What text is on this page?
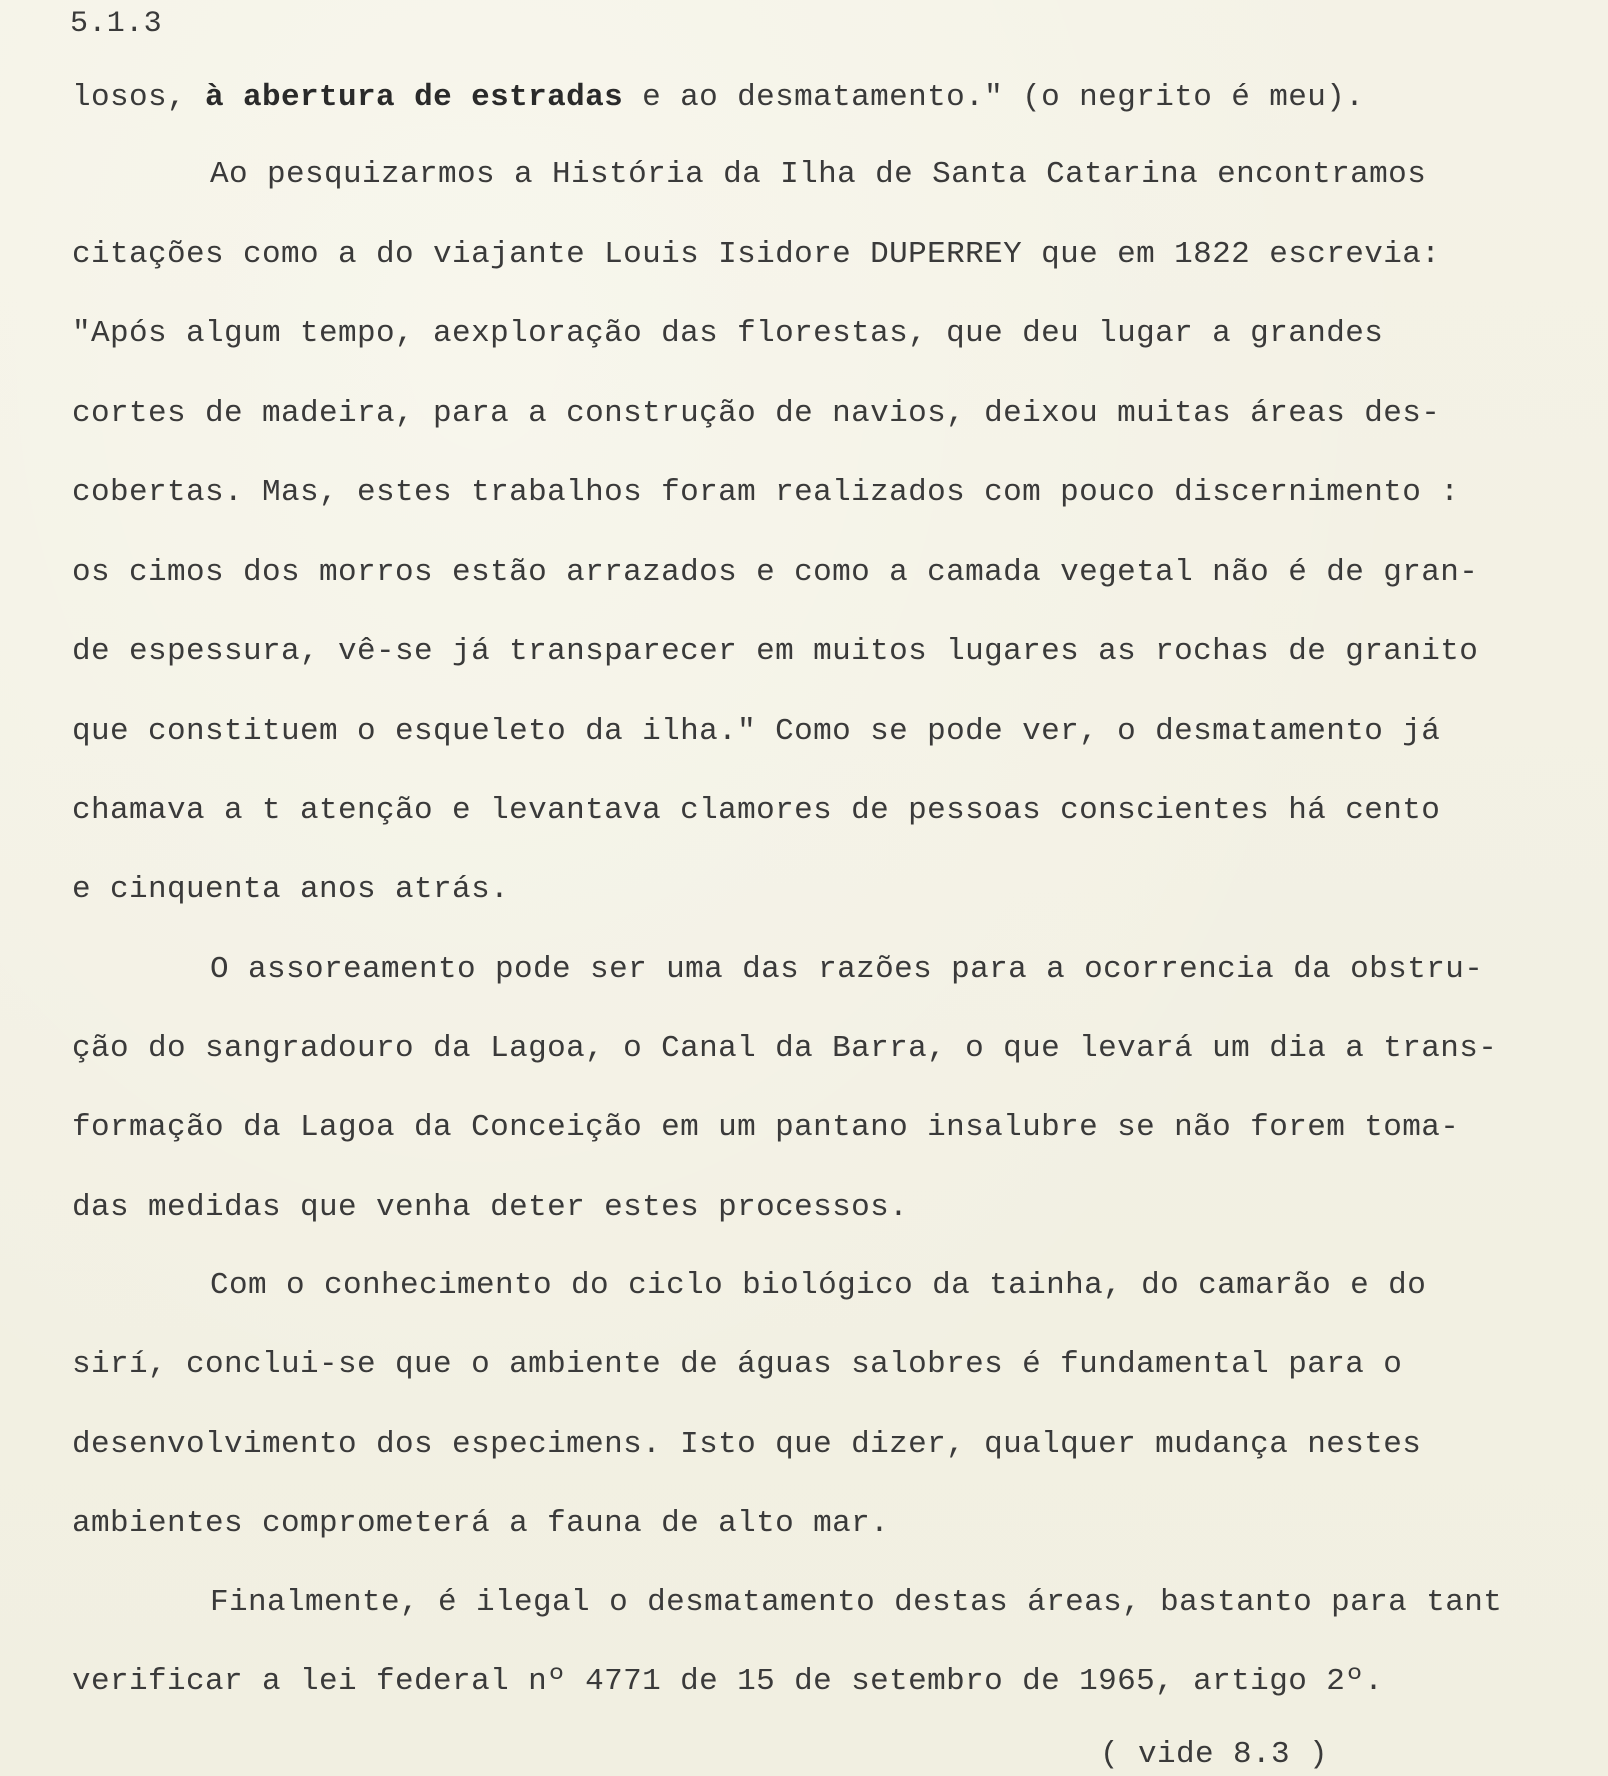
5.1.3
losos, à abertura de estradas e ao desmatamento." (o negrito é meu).
Ao pesquizarmos a História da Ilha de Santa Catarina encontramos
citações como a do viajante Louis Isidore DUPERREY que em 1822 escrevia:
"Após algum tempo, aexploração das florestas, que deu lugar a grandes
cortes de madeira, para a construção de navios, deixou muitas áreas des-
cobertas. Mas, estes trabalhos foram realizados com pouco discernimento :
os cimos dos morros estão arrazados e como a camada vegetal não é de gran-
de espessura, vê-se já transparecer em muitos lugares as rochas de granito
que constituem o esqueleto da ilha." Como se pode ver, o desmatamento já
chamava a t atenção e levantava clamores de pessoas conscientes há cento
e cinquenta anos atrás.
O assoreamento pode ser uma das razões para a ocorrencia da obstru-
ção do sangradouro da Lagoa, o Canal da Barra, o que levará um dia a trans-
formação da Lagoa da Conceição em um pantano insalubre se não forem toma-
das medidas que venha deter estes processos.
Com o conhecimento do ciclo biológico da tainha, do camarão e do
sirí, conclui-se que o ambiente de águas salobres é fundamental para o
desenvolvimento dos especimens. Isto que dizer, qualquer mudança nestes
ambientes comprometerá a fauna de alto mar.
Finalmente, é ilegal o desmatamento destas áreas, bastanto para tant
verificar a lei federal nº 4771 de 15 de setembro de 1965, artigo 2º.
( vide 8.3 )
